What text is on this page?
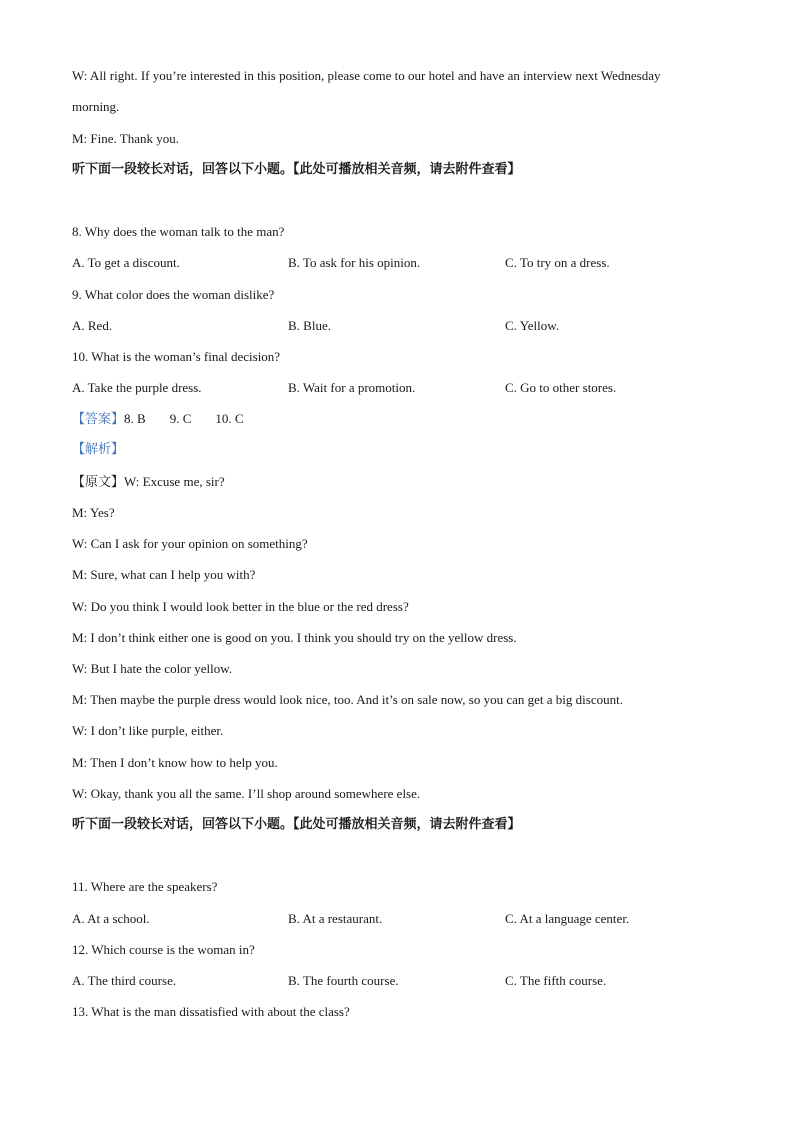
W: All right. If you’re interested in this position, please come to our hotel and have an interview next Wednesday
morning.
M: Fine. Thank you.
听下面一段较长对话，回答以下小题。【此处可播放相关音频，请去附件查看】
8. Why does the woman talk to the man?
A. To get a discount.	B. To ask for his opinion.	C. To try on a dress.
9. What color does the woman dislike?
A. Red.	B. Blue.	C. Yellow.
10. What is the woman’s final decision?
A. Take the purple dress.	B. Wait for a promotion.	C. Go to other stores.
【答案】8. B 9. C 10. C
【解析】
【原文】W: Excuse me, sir?
M: Yes?
W: Can I ask for your opinion on something?
M: Sure, what can I help you with?
W: Do you think I would look better in the blue or the red dress?
M: I don’t think either one is good on you. I think you should try on the yellow dress.
W: But I hate the color yellow.
M: Then maybe the purple dress would look nice, too. And it’s on sale now, so you can get a big discount.
W: I don’t like purple, either.
M: Then I don’t know how to help you.
W: Okay, thank you all the same. I’ll shop around somewhere else.
听下面一段较长对话，回答以下小题。【此处可播放相关音频，请去附件查看】
11. Where are the speakers?
A. At a school.	B. At a restaurant.	C. At a language center.
12. Which course is the woman in?
A. The third course.	B. The fourth course.	C. The fifth course.
13. What is the man dissatisfied with about the class?
